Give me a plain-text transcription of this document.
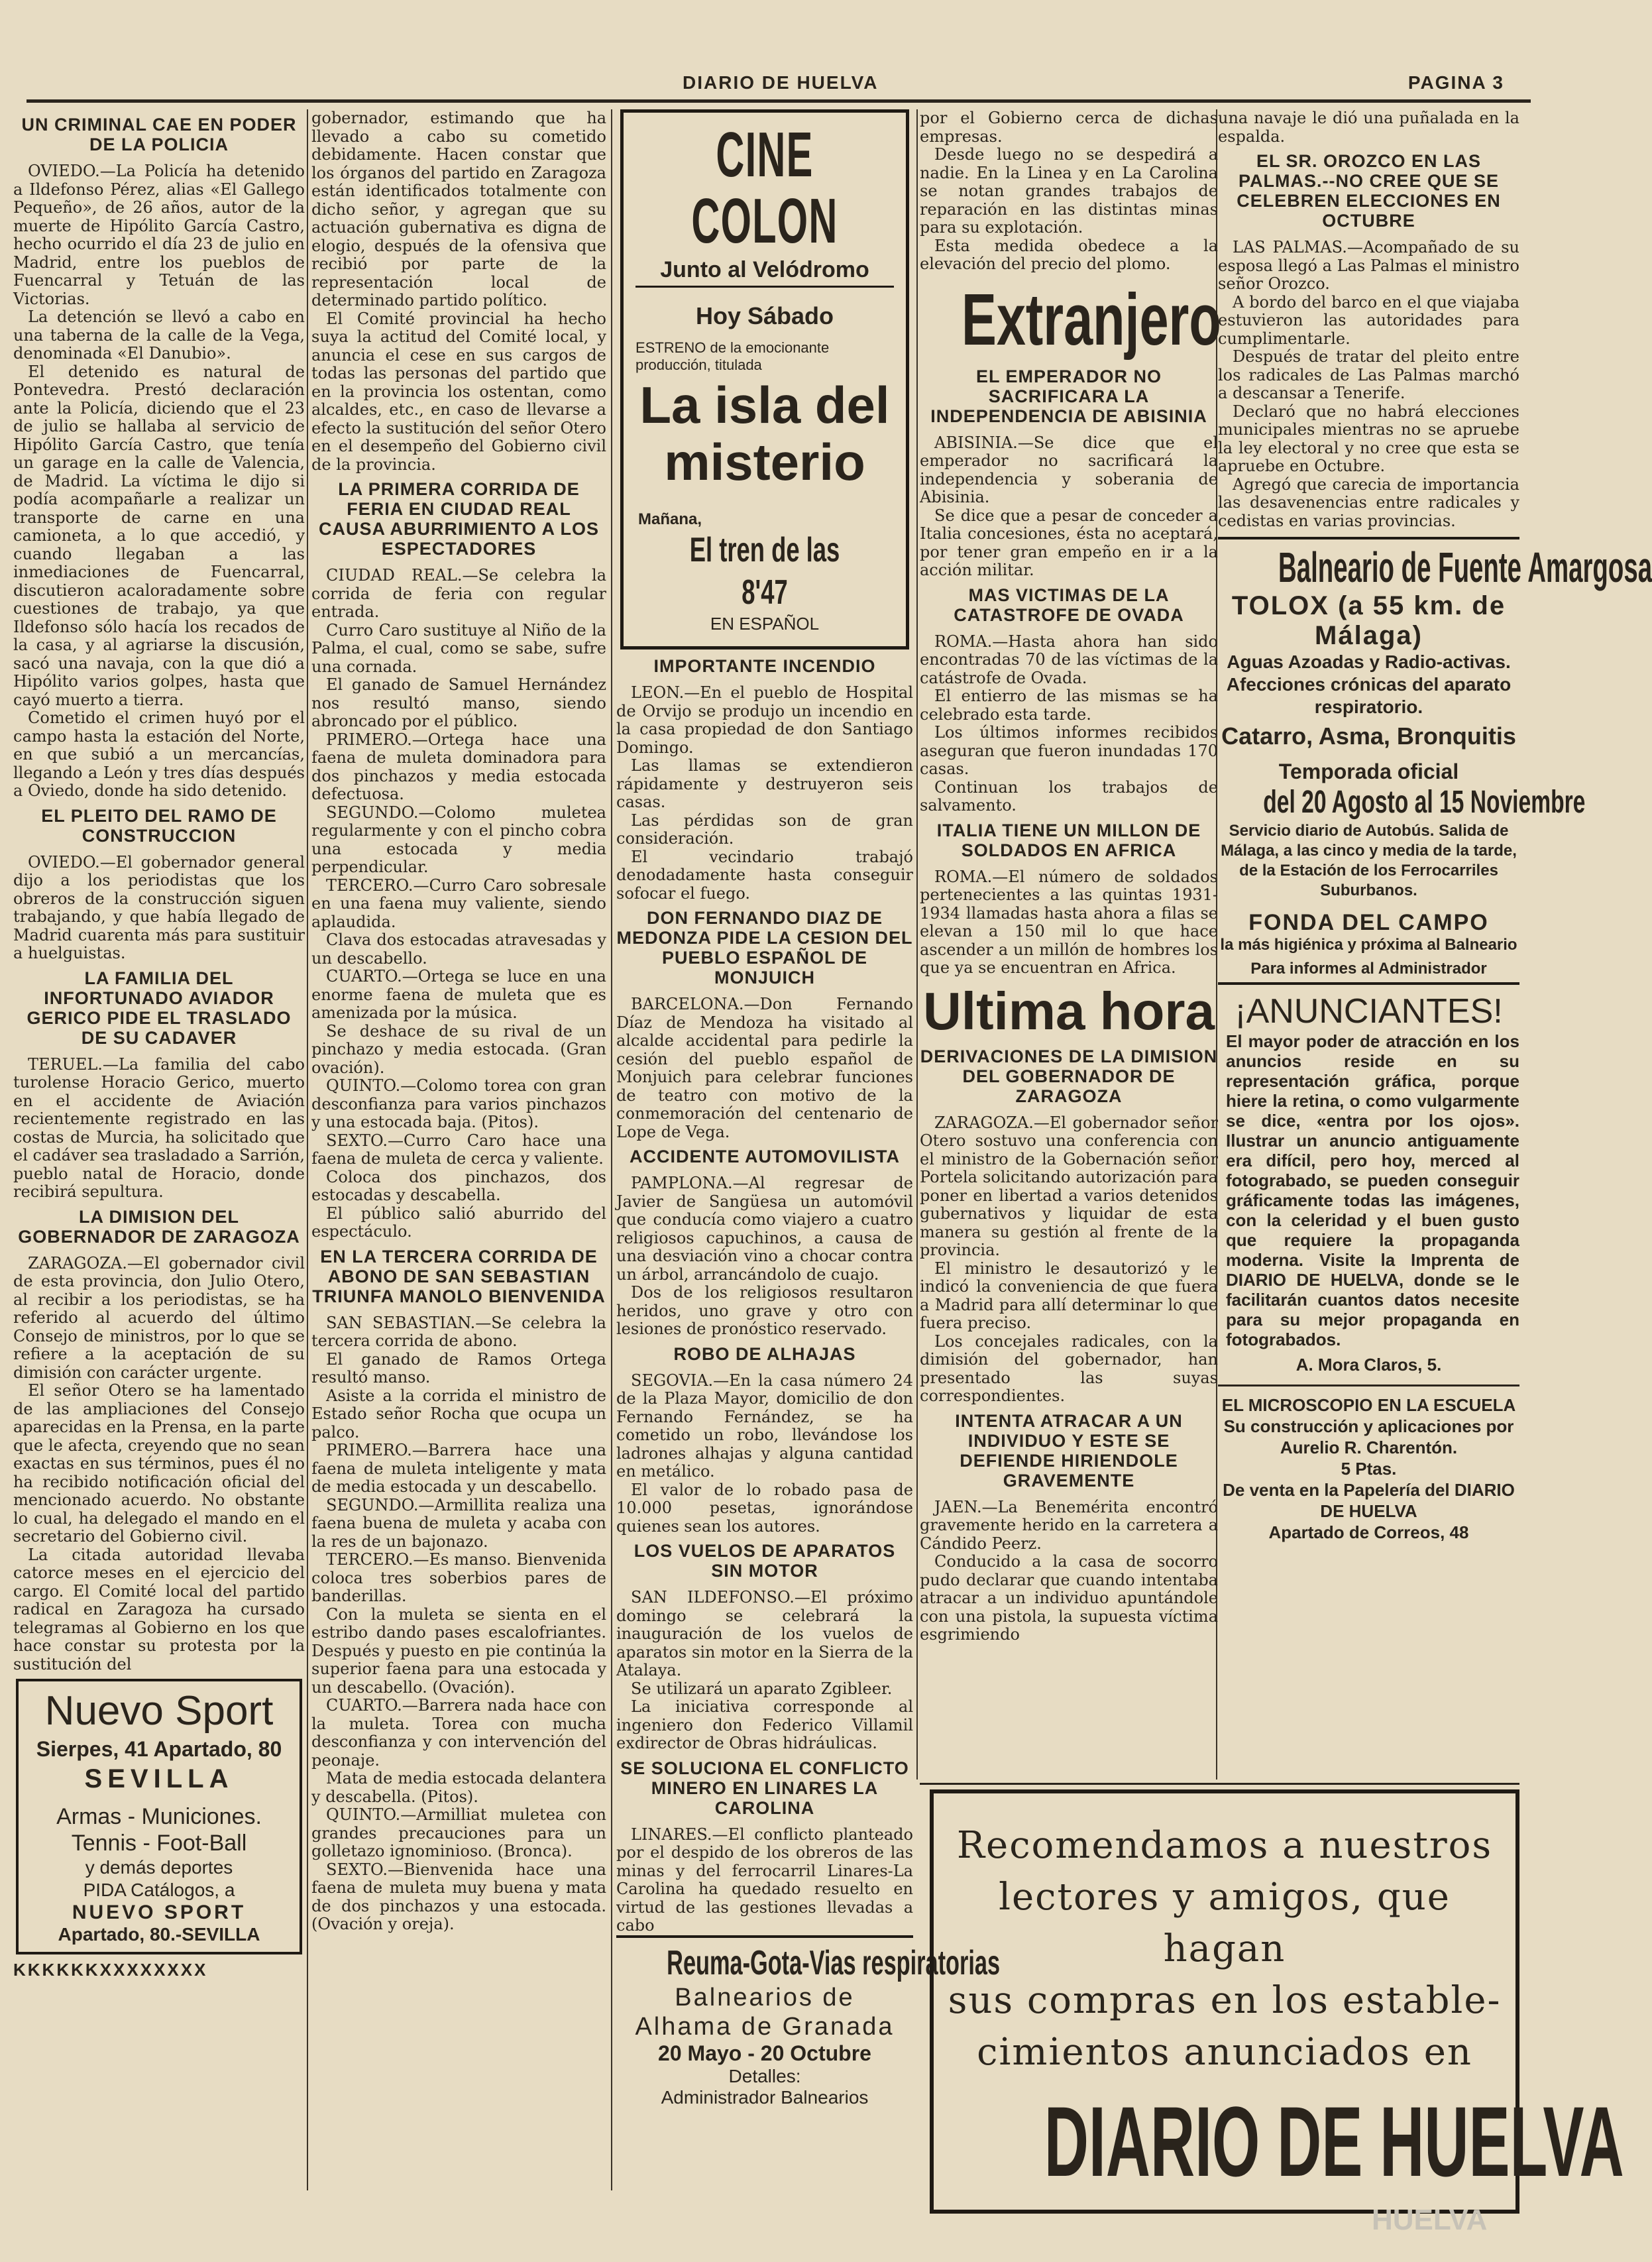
DIARIO DE HUELVA	PAGINA 3
UN CRIMINAL CAE EN PODER DE LA POLICIA

OVIEDO.—La Policía ha detenido a Ildefonso Pérez, alias «El Gallego Pequeño», de 26 años, autor de la muerte de Hipólito García Castro, hecho ocurrido el día 23 de julio en Madrid, entre los pueblos de Fuencarral y Tetuán de las Victorias.

La detención se llevó a cabo en una taberna de la calle de la Vega, denominada «El Danubio».

El detenido es natural de Pontevedra. Prestó declaración ante la Policía, diciendo que el 23 de julio se hallaba al servicio de Hipólito García Castro, que tenía un garage en la calle de Valencia, de Madrid. La víctima le dijo si podía acompañarle a realizar un transporte de carne en una camioneta, a lo que accedió, y cuando llegaban a las inmediaciones de Fuencarral, discutieron acaloradamente sobre cuestiones de trabajo, ya que Ildefonso sólo hacía los recados de la casa, y al agriarse la discusión, sacó una navaja, con la que dió a Hipólito varios golpes, hasta que cayó muerto a tierra.

Cometido el crimen huyó por el campo hasta la estación del Norte, en que subió a un mercancías, llegando a León y tres días después a Oviedo, donde ha sido detenido.

EL PLEITO DEL RAMO DE CONSTRUCCION

OVIEDO.—El gobernador general dijo a los periodistas que los obreros de la construcción siguen trabajando, y que había llegado de Madrid cuarenta más para sustituir a huelguistas.

LA FAMILIA DEL INFORTUNADO AVIADOR GERICO PIDE EL TRASLADO DE SU CADAVER

TERUEL.—La familia del cabo turolense Horacio Gerico, muerto en el accidente de Aviación recientemente registrado en las costas de Murcia, ha solicitado que el cadáver sea trasladado a Sarrión, pueblo natal de Horacio, donde recibirá sepultura.

LA DIMISION DEL GOBERNADOR DE ZARAGOZA

ZARAGOZA.—El gobernador civil de esta provincia, don Julio Otero, al recibir a los periodistas, se ha referido al acuerdo del último Consejo de ministros, por lo que se refiere a la aceptación de su dimisión con carácter urgente.

El señor Otero se ha lamentado de las ampliaciones del Consejo aparecidas en la Prensa, en la parte que le afecta, creyendo que no sean exactas en sus términos, pues él no ha recibido notificación oficial del mencionado acuerdo. No obstante lo cual, ha delegado el mando en el secretario del Gobierno civil.

La citada autoridad llevaba catorce meses en el ejercicio del cargo. El Comité local del partido radical en Zaragoza ha cursado telegramas al Gobierno en los que hace constar su protesta por la sustitución del

Nuevo Sport
Sierpes, 41 Apartado, 80
SEVILLA
Armas - Municiones.
Tennis - Foot-Ball
y demás deportes
PIDA Catálogos, a
NUEVO SPORT
Apartado, 80.-SEVILLA
KKKKKKXXXXXXXX

gobernador, estimando que ha llevado a cabo su cometido debidamente. Hacen constar que los órganos del partido en Zaragoza están identificados totalmente con dicho señor, y agregan que su actuación gubernativa es digna de elogio, después de la ofensiva que recibió por parte de la representación local de determinado partido político.

El Comité provincial ha hecho suya la actitud del Comité local, y anuncia el cese en sus cargos de todas las personas del partido que en la provincia los ostentan, como alcaldes, etc., en caso de llevarse a efecto la sustitución del señor Otero en el desempeño del Gobierno civil de la provincia.

LA PRIMERA CORRIDA DE FERIA EN CIUDAD REAL CAUSA ABURRIMIENTO A LOS ESPECTADORES

CIUDAD REAL.—Se celebra la corrida de feria con regular entrada.

Curro Caro sustituye al Niño de la Palma, el cual, como se sabe, sufre una cornada.

El ganado de Samuel Hernández nos resultó manso, siendo abroncado por el público.

PRIMERO.—Ortega hace una faena de muleta dominadora para dos pinchazos y media estocada defectuosa.

SEGUNDO.—Colomo muletea regularmente y con el pincho cobra una estocada y media perpendicular.

TERCERO.—Curro Caro sobresale en una faena muy valiente, siendo aplaudida.

Clava dos estocadas atravesadas y un descabello.

CUARTO.—Ortega se luce en una enorme faena de muleta que es amenizada por la música.

Se deshace de su rival de un pinchazo y media estocada. (Gran ovación).

QUINTO.—Colomo torea con gran desconfianza para varios pinchazos y una estocada baja. (Pitos).

SEXTO.—Curro Caro hace una faena de muleta de cerca y valiente.

Coloca dos pinchazos, dos estocadas y descabella.

El público salió aburrido del espectáculo.

EN LA TERCERA CORRIDA DE ABONO DE SAN SEBASTIAN TRIUNFA MANOLO BIENVENIDA

SAN SEBASTIAN.—Se celebra la tercera corrida de abono.

El ganado de Ramos Ortega resultó manso.

Asiste a la corrida el ministro de Estado señor Rocha que ocupa un palco.

PRIMERO.—Barrera hace una faena de muleta inteligente y mata de media estocada y un descabello.

SEGUNDO.—Armillita realiza una faena buena de muleta y acaba con la res de un bajonazo.

TERCERO.—Es manso. Bienvenida coloca tres soberbios pares de banderillas.

Con la muleta se sienta en el estribo dando pases escalofriantes. Después y puesto en pie continúa la superior faena para una estocada y un descabello. (Ovación).

CUARTO.—Barrera nada hace con la muleta. Torea con mucha desconfianza y con intervención del peonaje.

Mata de media estocada delantera y descabella. (Pitos).

QUINTO.—Armilliat muletea con grandes precauciones para un golletazo ignominioso. (Bronca).

SEXTO.—Bienvenida hace una faena de muleta muy buena y mata de dos pinchazos y una estocada. (Ovación y oreja).

CINE COLON
Junto al Velódromo
Hoy Sábado
ESTRENO de la emocionante producción, titulada
La isla del misterio
Mañana,
El tren de las 8'47
EN ESPAÑOL
IMPORTANTE INCENDIO

LEON.—En el pueblo de Hospital de Orvijo se produjo un incendio en la casa propiedad de don Santiago Domingo.

Las llamas se extendieron rápidamente y destruyeron seis casas.

Las pérdidas son de gran consideración.

El vecindario trabajó denodadamente hasta conseguir sofocar el fuego.

DON FERNANDO DIAZ DE MEDONZA PIDE LA CESION DEL PUEBLO ESPAÑOL DE MONJUICH

BARCELONA.—Don Fernando Díaz de Mendoza ha visitado al alcalde accidental para pedirle la cesión del pueblo español de Monjuich para celebrar funciones de teatro con motivo de la conmemoración del centenario de Lope de Vega.

ACCIDENTE AUTOMOVILISTA

PAMPLONA.—Al regresar de Javier de Sangüesa un automóvil que conducía como viajero a cuatro religiosos capuchinos, a causa de una desviación vino a chocar contra un árbol, arrancándolo de cuajo.

Dos de los religiosos resultaron heridos, uno grave y otro con lesiones de pronóstico reservado.

ROBO DE ALHAJAS

SEGOVIA.—En la casa número 24 de la Plaza Mayor, domicilio de don Fernando Fernández, se ha cometido un robo, llevándose los ladrones alhajas y alguna cantidad en metálico.

El valor de lo robado pasa de 10.000 pesetas, ignorándose quienes sean los autores.

LOS VUELOS DE APARATOS SIN MOTOR

SAN ILDEFONSO.—El próximo domingo se celebrará la inauguración de los vuelos de aparatos sin motor en la Sierra de la Atalaya.

Se utilizará un aparato Zgibleer.

La iniciativa corresponde al ingeniero don Federico Villamil exdirector de Obras hidráulicas.

SE SOLUCIONA EL CONFLICTO MINERO EN LINARES LA CAROLINA

LINARES.—El conflicto planteado por el despido de los obreros de las minas y del ferrocarril Linares-La Carolina ha quedado resuelto en virtud de las gestiones llevadas a cabo

Reuma-Gota-Vias respiratorias
Balnearios de
Alhama de Granada
20 Mayo - 20 Octubre
Detalles:
Administrador Balnearios

por el Gobierno cerca de dichas empresas.

Desde luego no se despedirá a nadie. En la Linea y en La Carolina se notan grandes trabajos de reparación en las distintas minas para su explotación.

Esta medida obedece a la elevación del precio del plomo.

Extranjero
EL EMPERADOR NO SACRIFICARA LA INDEPENDENCIA DE ABISINIA

ABISINIA.—Se dice que el emperador no sacrificará la independencia y soberania de Abisinia.

Se dice que a pesar de conceder a Italia concesiones, ésta no aceptará, por tener gran empeño en ir a la acción militar.

MAS VICTIMAS DE LA CATASTROFE DE OVADA

ROMA.—Hasta ahora han sido encontradas 70 de las víctimas de la catástrofe de Ovada.

El entierro de las mismas se ha celebrado esta tarde.

Los últimos informes recibidos aseguran que fueron inundadas 170 casas.

Continuan los trabajos de salvamento.

ITALIA TIENE UN MILLON DE SOLDADOS EN AFRICA

ROMA.—El número de soldados pertenecientes a las quintas 1931-1934 llamadas hasta ahora a filas se elevan a 150 mil lo que hace ascender a un millón de hombres los que ya se encuentran en Africa.

Ultima hora
DERIVACIONES DE LA DIMISION DEL GOBERNADOR DE ZARAGOZA

ZARAGOZA.—El gobernador señor Otero sostuvo una conferencia con el ministro de la Gobernación señor Portela solicitando autorización para poner en libertad a varios detenidos gubernativos y liquidar de esta manera su gestión al frente de la provincia.

El ministro le desautorizó y le indicó la conveniencia de que fuera a Madrid para allí determinar lo que fuera preciso.

Los concejales radicales, con la dimisión del gobernador, han presentado las suyas correspondientes.

INTENTA ATRACAR A UN INDIVIDUO Y ESTE SE DEFIENDE HIRIENDOLE GRAVEMENTE

JAEN.—La Benemérita encontró gravemente herido en la carretera a Cándido Peerz.

Conducido a la casa de socorro pudo declarar que cuando intentaba atracar a un individuo apuntándole con una pistola, la supuesta víctima esgrimiendo

una navaje le dió una puñalada en la espalda.

EL SR. OROZCO EN LAS PALMAS.--NO CREE QUE SE CELEBREN ELECCIONES EN OCTUBRE

LAS PALMAS.—Acompañado de su esposa llegó a Las Palmas el ministro señor Orozco.

A bordo del barco en el que viajaba estuvieron las autoridades para cumplimentarle.

Después de tratar del pleito entre los radicales de Las Palmas marchó a descansar a Tenerife.

Declaró que no habrá elecciones municipales mientras no se apruebe la ley electoral y no cree que esta se apruebe en Octubre.

Agregó que carecia de importancia las desavenencias entre radicales y cedistas en varias provincias.

Balneario de Fuente Amargosa
TOLOX (a 55 km. de Málaga)
Aguas Azoadas y Radio-activas. Afecciones crónicas del aparato respiratorio.
Catarro, Asma, Bronquitis
Temporada oficial
del 20 Agosto al 15 Noviembre
Servicio diario de Autobús. Salida de Málaga, a las cinco y media de la tarde, de la Estación de los Ferrocarriles Suburbanos.
FONDA DEL CAMPO
la más higiénica y próxima al Balneario
Para informes al Administrador
¡ANUNCIANTES!
El mayor poder de atracción en los anuncios reside en su representación gráfica, porque hiere la retina, o como vulgarmente se dice, «entra por los ojos». Ilustrar un anuncio antiguamente era difícil, pero hoy, merced al fotograbado, se pueden conseguir gráficamente todas las imágenes, con la celeridad y el buen gusto que requiere la propaganda moderna. Visite la Imprenta de DIARIO DE HUELVA, donde se le facilitarán cuantos datos necesite para su mejor propaganda en fotograbados.
A. Mora Claros, 5.
EL MICROSCOPIO EN LA ESCUELA
Su construcción y aplicaciones por Aurelio R. Charentón.
5 Ptas.
De venta en la Papelería del DIARIO DE HUELVA
Apartado de Correos, 48
Recomendamos a nuestros
lectores y amigos, que hagan
sus compras en los estable-
cimientos anunciados en
DIARIO DE HUELVA
HUELVA
